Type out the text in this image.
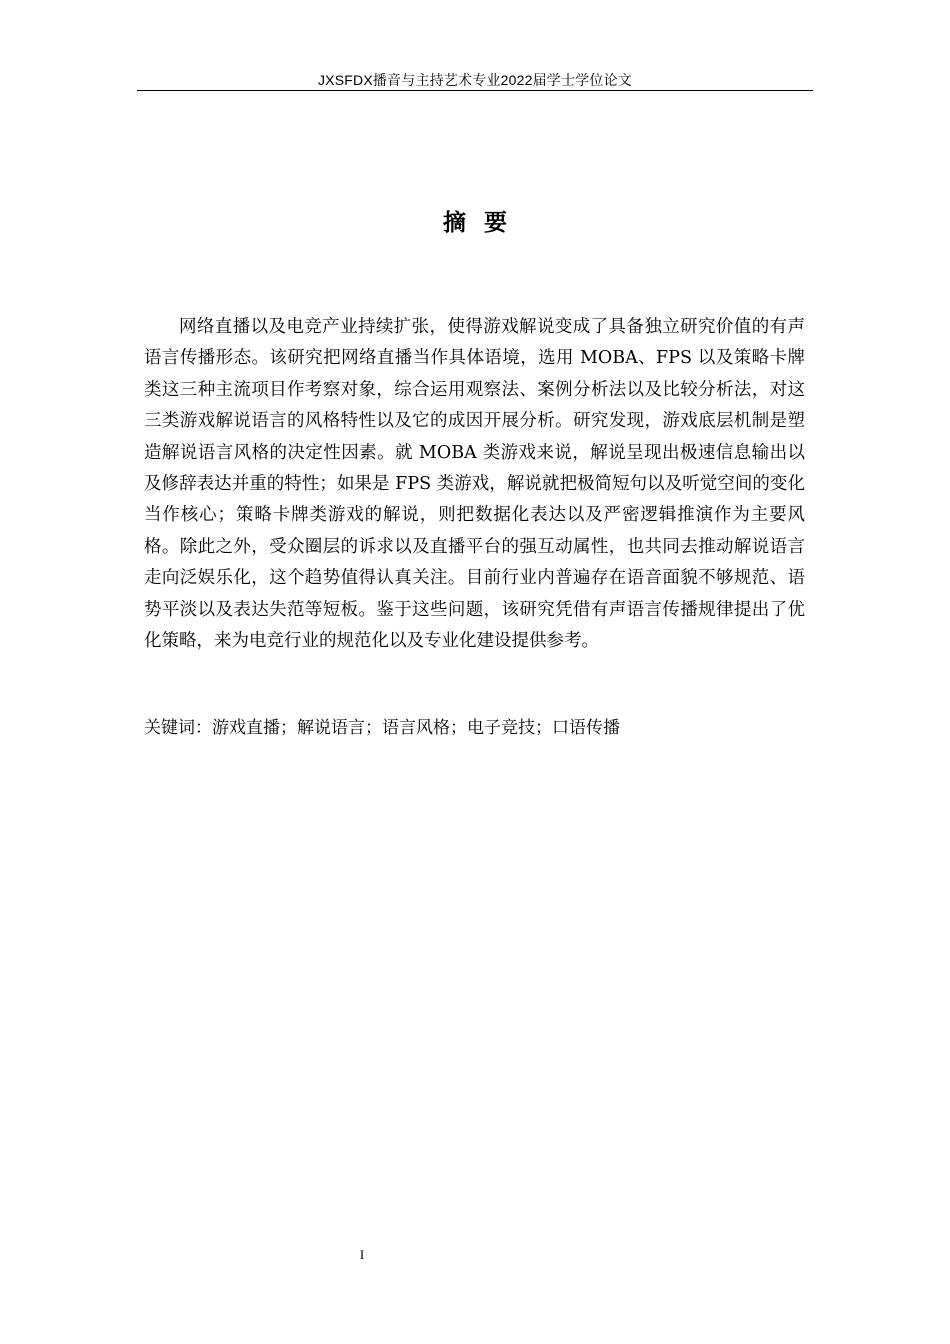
JXSFDX播音与主持艺术专业2022届学士学位论文
摘要

网络直播以及电竞产业持续扩张，使得游戏解说变成了具备独立研究价值的有声语言传播形态。该研究把网络直播当作具体语境，选用 MOBA、FPS 以及策略卡牌类这三种主流项目作考察对象，综合运用观察法、案例分析法以及比较分析法，对这三类游戏解说语言的风格特性以及它的成因开展分析。研究发现，游戏底层机制是塑造解说语言风格的决定性因素。就 MOBA 类游戏来说，解说呈现出极速信息输出以及修辞表达并重的特性；如果是 FPS 类游戏，解说就把极简短句以及听觉空间的变化当作核心；策略卡牌类游戏的解说，则把数据化表达以及严密逻辑推演作为主要风格。除此之外，受众圈层的诉求以及直播平台的强互动属性，也共同去推动解说语言走向泛娱乐化，这个趋势值得认真关注。目前行业内普遍存在语音面貌不够规范、语势平淡以及表达失范等短板。鉴于这些问题，该研究凭借有声语言传播规律提出了优化策略，来为电竞行业的规范化以及专业化建设提供参考。

关键词：游戏直播；解说语言；语言风格；电子竞技；口语传播
I
